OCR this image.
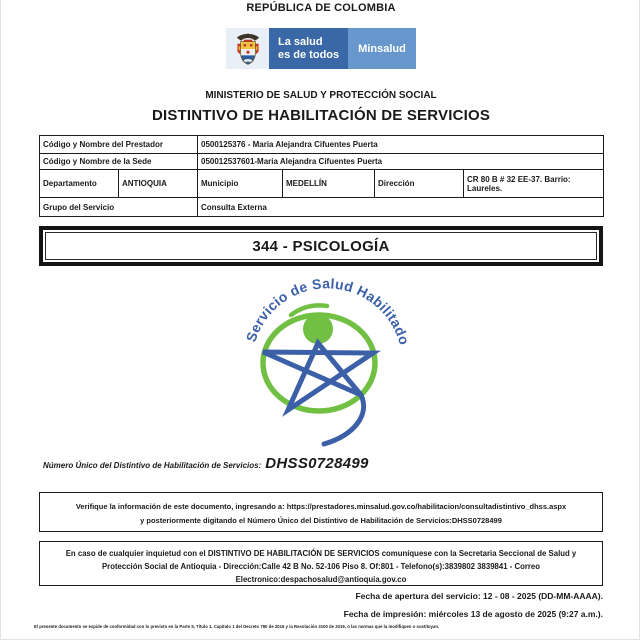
REPÚBLICA DE COLOMBIA
La salud
es de todos	Minsalud
MINISTERIO DE SALUD Y PROTECCIÓN SOCIAL
DISTINTIVO DE HABILITACIÓN DE SERVICIOS
Código y Nombre del Prestador		0500125376 - Maria Alejandra Cifuentes Puerta			
Código y Nombre de la Sede		050012537601-Maria Alejandra Cifuentes Puerta			
Departamento	ANTIOQUIA	Municipio	MEDELLÍN	Dirección	CR 80 B # 32 EE-37. Barrio: Laureles.
Grupo del Servicio		Consulta Externa			
344 - PSICOLOGÍA
Servicio de Salud Habilitado
Número Único del Distintivo de Habilitación de Servicios: DHSS0728499
Verifique la información de este documento, ingresando a: https://prestadores.minsalud.gov.co/habilitacion/consultadistintivo_dhss.aspx
y posteriormente digitando el Número Único del Distintivo de Habilitación de Servicios:DHSS0728499
En caso de cualquier inquietud con el DISTINTIVO DE HABILITACIÓN DE SERVICIOS comuníquese con la Secretaria Seccional de Salud y
Protección Social de Antioquia - Dirección:Calle 42 B No. 52-106 Piso 8. Of:801 - Telefono(s):3839802 3839841 - Correo
Electronico:despachosalud@antioquia.gov.co
Fecha de apertura del servicio: 12 - 08 - 2025 (DD-MM-AAAA).
Fecha de impresión: miércoles 13 de agosto de 2025 (9:27 a.m.).
El presente documento se expide de conformidad con lo previsto en la Parte 5, Título 1, Capítulo 1 del Decreto 780 de 2016 y la Resolución 3100 de 2019, o las normas que la modifiquen o sustituyan.
